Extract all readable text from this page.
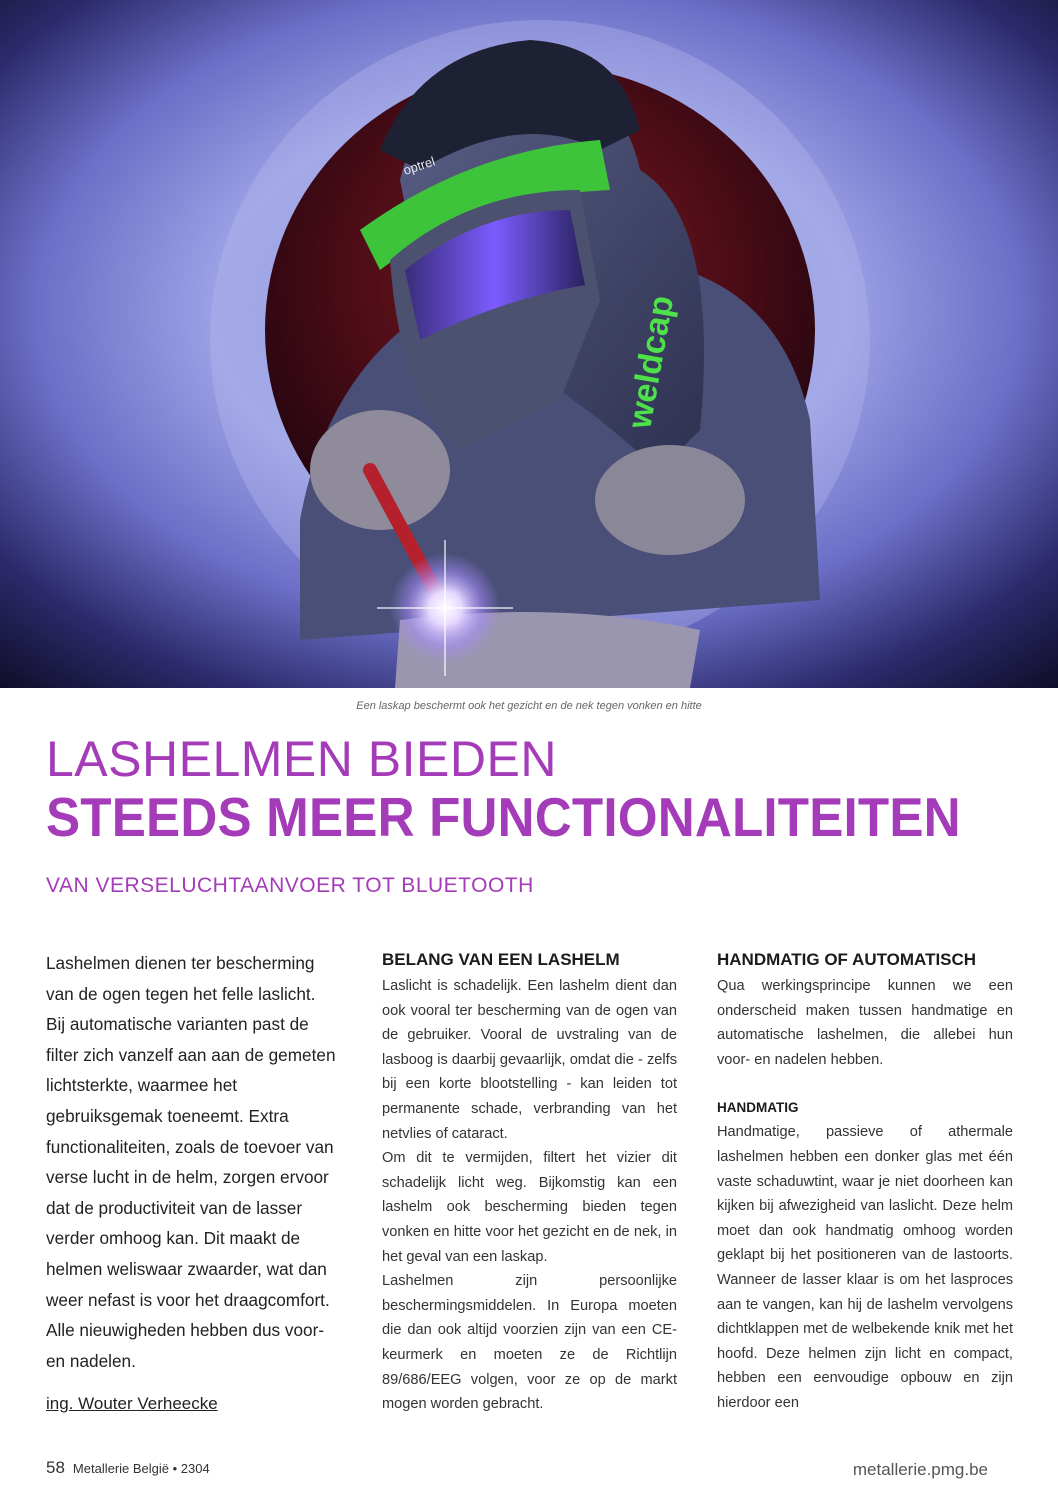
optrel
weldcap
Een laskap beschermt ook het gezicht en de nek tegen vonken en hitte
LASHELMEN BIEDEN
STEEDS MEER FUNCTIONALITEITEN
VAN VERSELUCHTAANVOER TOT BLUETOOTH

Lashelmen dienen ter bescherming van de ogen tegen het felle laslicht. Bij automatische varianten past de filter zich vanzelf aan aan de gemeten lichtsterkte, waarmee het gebruiksgemak toeneemt. Extra functionaliteiten, zoals de toevoer van verse lucht in de helm, zorgen ervoor dat de productiviteit van de lasser verder omhoog kan. Dit maakt de helmen weliswaar zwaarder, wat dan weer nefast is voor het draagcomfort. Alle nieuwigheden hebben dus voor- en nadelen.

ing. Wouter Verheecke
BELANG VAN EEN LASHELM

Laslicht is schadelijk. Een lashelm dient dan ook vooral ter bescherming van de ogen van de gebruiker. Vooral de uvstraling van de lasboog is daarbij gevaarlijk, omdat die - zelfs bij een korte blootstelling - kan leiden tot permanente schade, verbranding van het netvlies of cataract.

Om dit te vermijden, filtert het vizier dit schadelijk licht weg. Bijkomstig kan een lashelm ook bescherming bieden tegen vonken en hitte voor het gezicht en de nek, in het geval van een laskap.

Lashelmen zijn persoonlijke beschermingsmiddelen. In Europa moeten die dan ook altijd voorzien zijn van een CE-keurmerk en moeten ze de Richtlijn 89/686/EEG volgen, voor ze op de markt mogen worden gebracht.

HANDMATIG OF AUTOMATISCH

Qua werkingsprincipe kunnen we een onderscheid maken tussen handmatige en automatische lashelmen, die allebei hun voor- en nadelen hebben.

HANDMATIG

Handmatige, passieve of athermale lashelmen hebben een donker glas met één vaste schaduwtint, waar je niet doorheen kan kijken bij afwezigheid van laslicht. Deze helm moet dan ook handmatig omhoog worden geklapt bij het positioneren van de lastoorts. Wanneer de lasser klaar is om het lasproces aan te vangen, kan hij de lashelm vervolgens dichtklappen met de welbekende knik met het hoofd. Deze helmen zijn licht en compact, hebben een eenvoudige opbouw en zijn hierdoor een

58 Metallerie België • 2304	metallerie.pmg.be
